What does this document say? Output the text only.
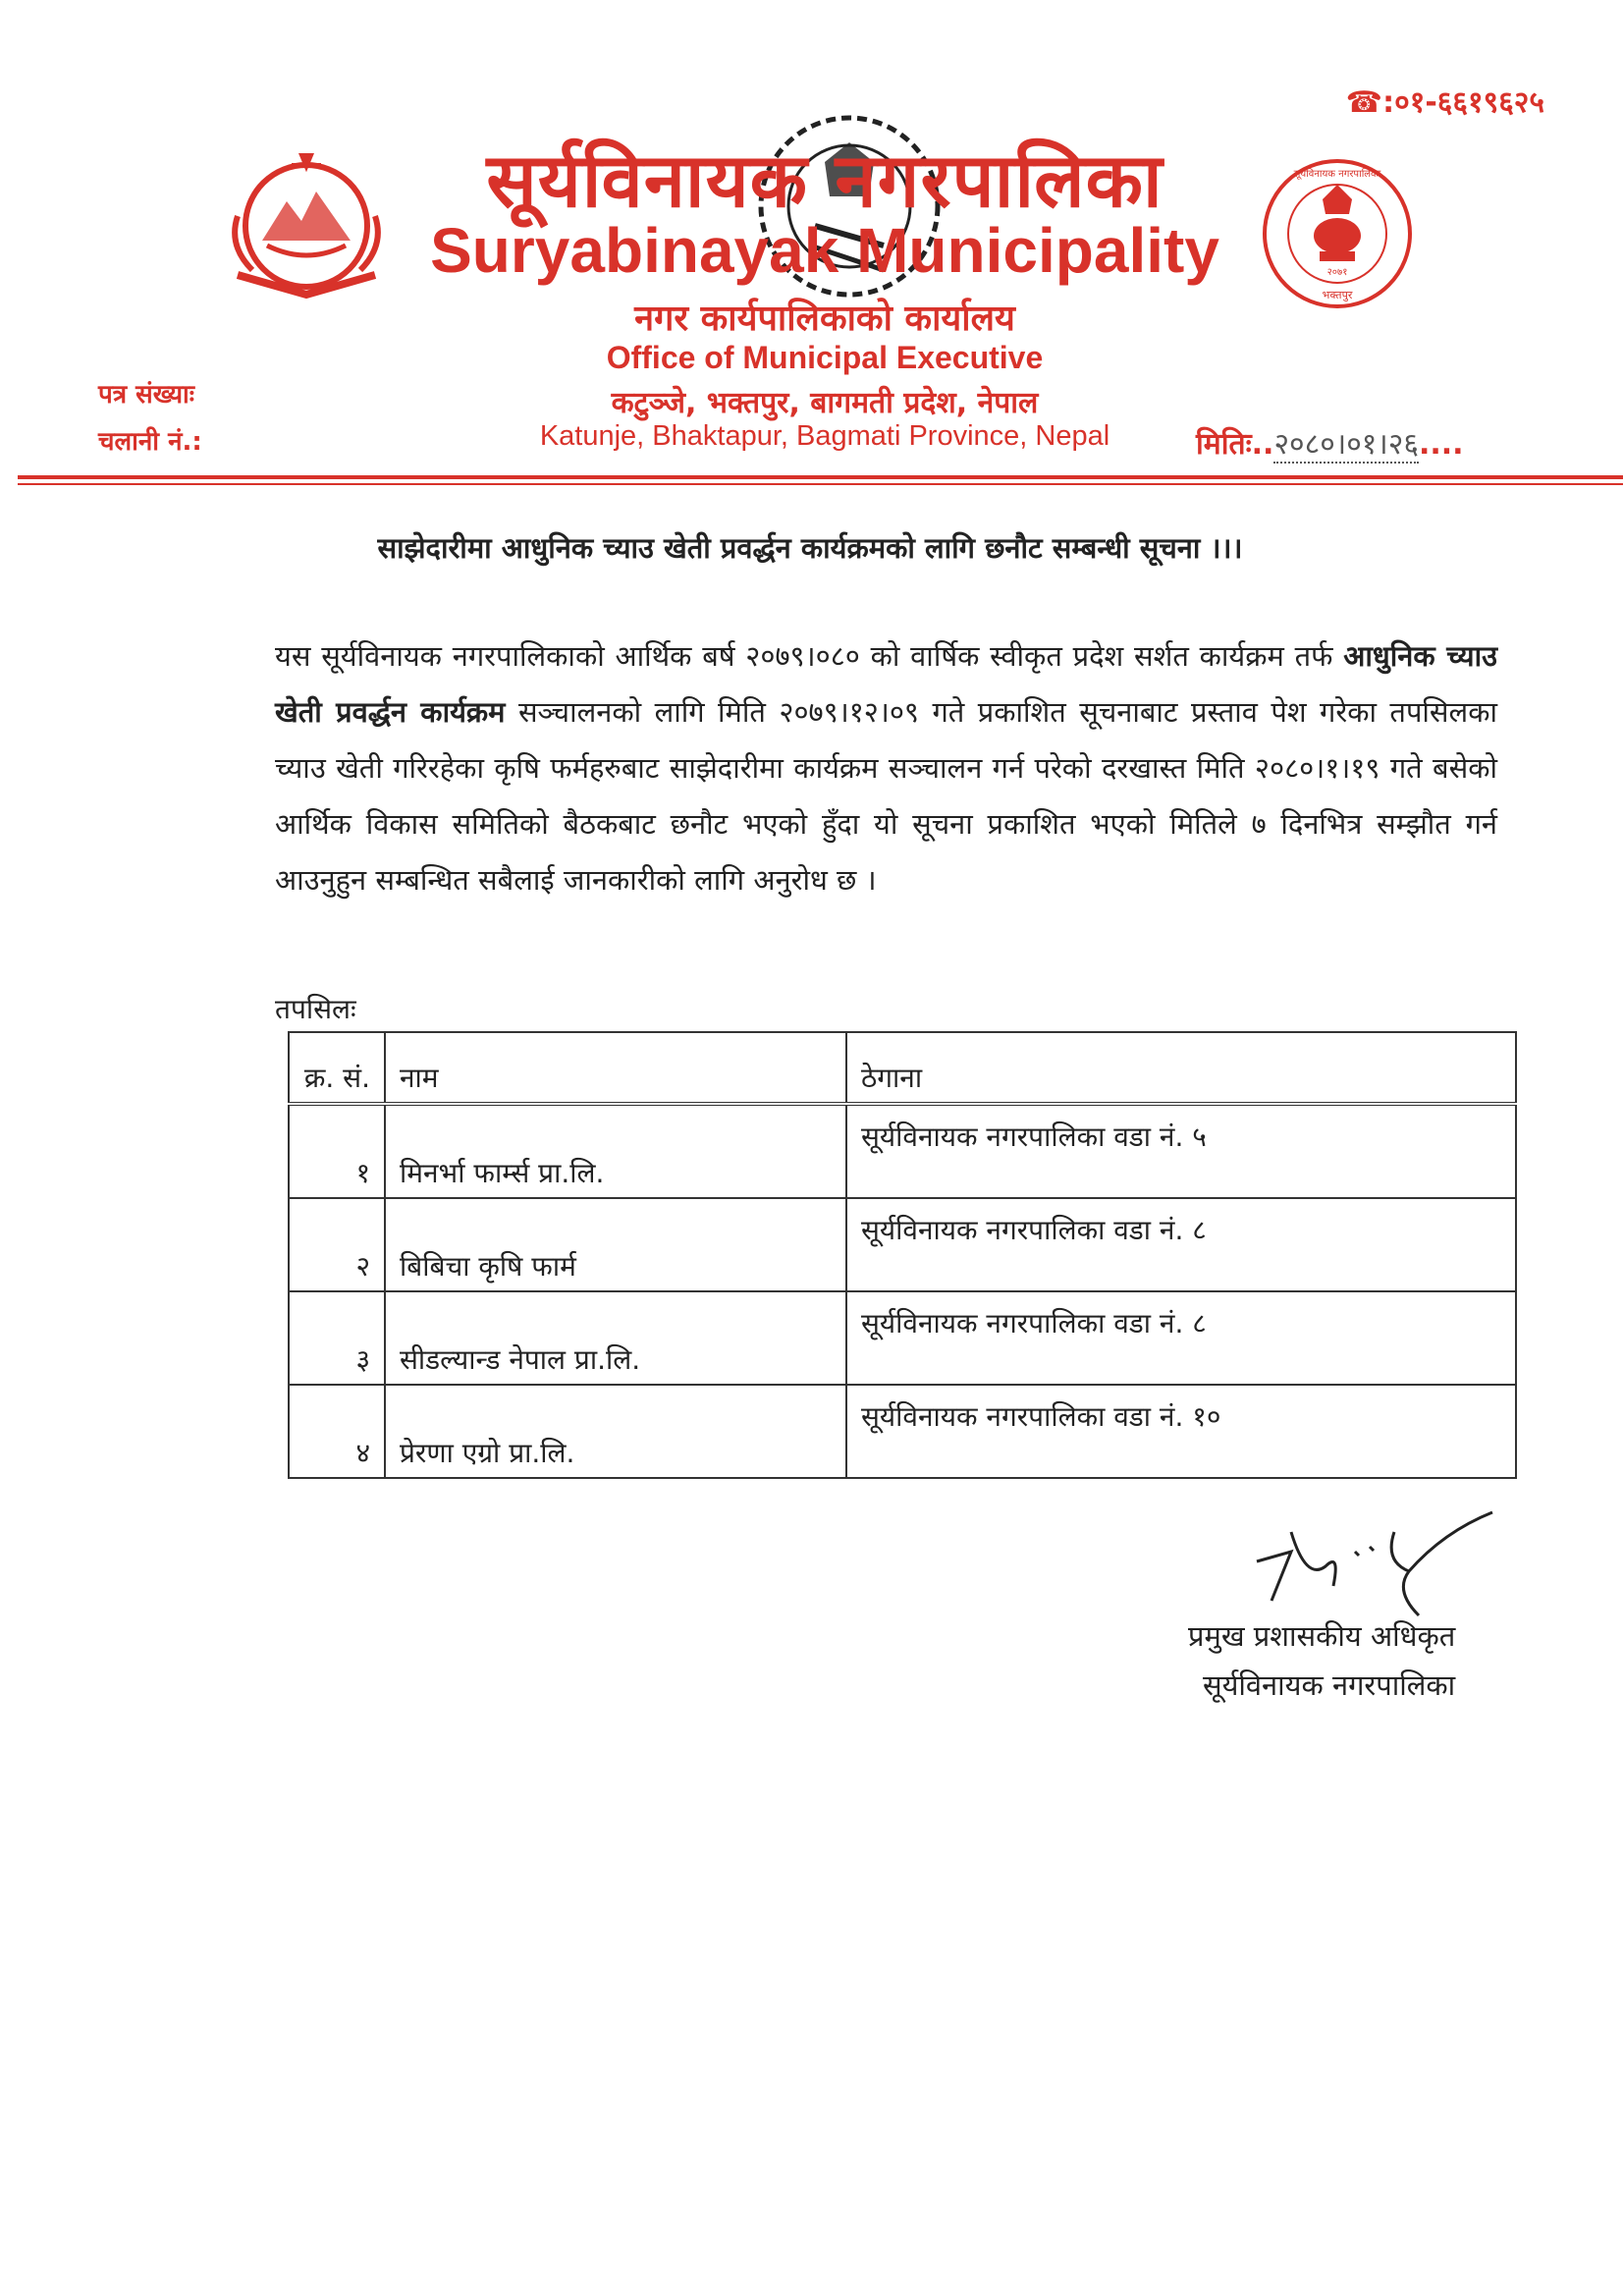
☎:०१-६६१९६२५
सूर्यविनायक नगरपालिका
Suryabinayak Municipality
नगर कार्यपालिकाको कार्यालय
Office of Municipal Executive
कटुञ्जे, भक्तपुर, बागमती प्रदेश, नेपाल
Katunje, Bhaktapur, Bagmati Province, Nepal
२०७१
भक्तपुर
सूर्यविनायक नगरपालिका
पत्र संख्याः
चलानी नं.:	मितिः..२०८०।०१।२६....
साझेदारीमा आधुनिक च्याउ खेती प्रवर्द्धन कार्यक्रमको लागि छनौट सम्बन्धी सूचना ।।।
यस सूर्यविनायक नगरपालिकाको आर्थिक बर्ष २०७९।०८० को वार्षिक स्वीकृत प्रदेश सर्शत कार्यक्रम तर्फ आधुनिक च्याउ खेती प्रवर्द्धन कार्यक्रम सञ्चालनको लागि मिति २०७९।१२।०९ गते प्रकाशित सूचनाबाट प्रस्ताव पेश गरेका तपसिलका च्याउ खेती गरिरहेका कृषि फर्महरुबाट साझेदारीमा कार्यक्रम सञ्चालन गर्न परेको दरखास्त मिति २०८०।१।१९ गते बसेको आर्थिक विकास समितिको बैठकबाट छनौट भएको हुँदा यो सूचना प्रकाशित भएको मितिले ७ दिनभित्र सम्झौत गर्न आउनुहुन सम्बन्धित सबैलाई जानकारीको लागि अनुरोध छ ।
तपसिलः
क्र. सं.	नाम	ठेगाना
१	मिनर्भा फार्म्स प्रा.लि.	सूर्यविनायक नगरपालिका वडा नं. ५
२	बिबिचा कृषि फार्म	सूर्यविनायक नगरपालिका वडा नं. ८
३	सीडल्यान्ड नेपाल प्रा.लि.	सूर्यविनायक नगरपालिका वडा नं. ८
४	प्रेरणा एग्रो प्रा.लि.	सूर्यविनायक नगरपालिका वडा नं. १०
प्रमुख प्रशासकीय अधिकृत
सूर्यविनायक नगरपालिका
